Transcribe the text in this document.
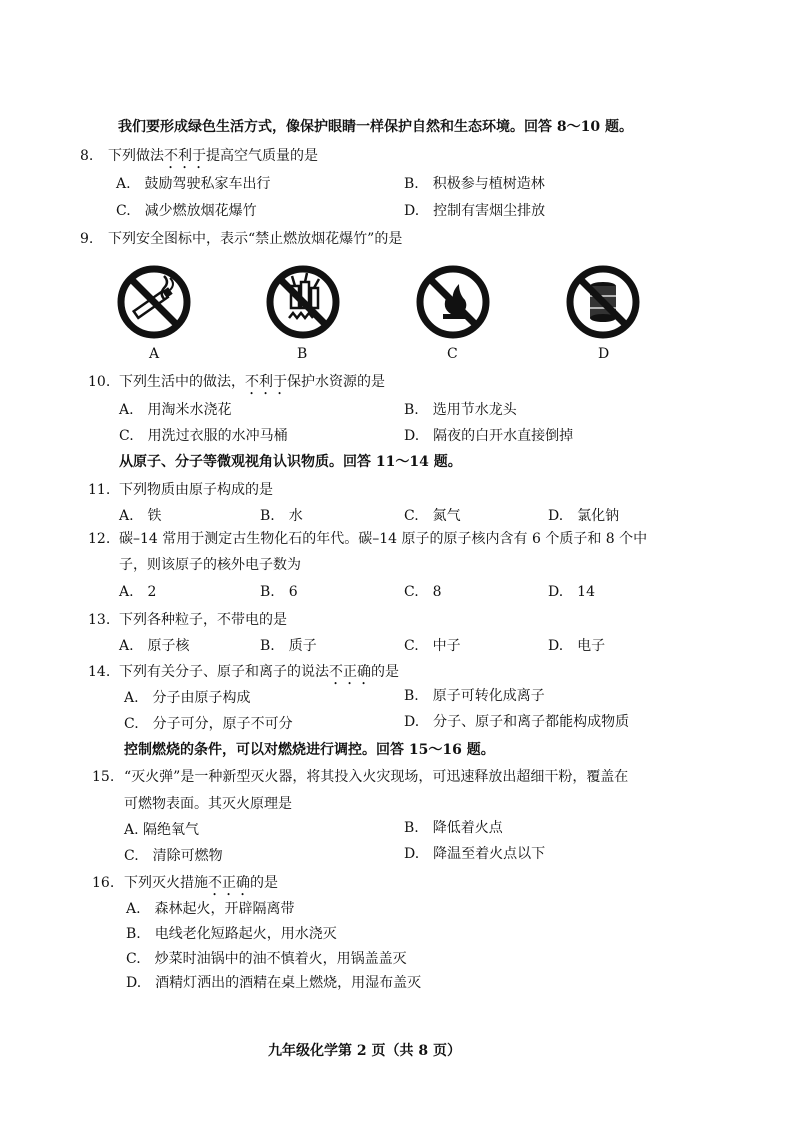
我们要形成绿色生活方式，像保护眼睛一样保护自然和生态环境。回答 8～10 题。
8. 下列做法不利于提高空气质量的是
A.　鼓励驾驶私家车出行	B.　积极参与植树造林
C.　减少燃放烟花爆竹	D.　控制有害烟尘排放
9. 下列安全图标中，表示“禁止燃放烟花爆竹”的是
A	B	C	D
10. 下列生活中的做法，不利于保护水资源的是
A.　用淘米水浇花	B.　选用节水龙头
C.　用洗过衣服的水冲马桶	D.　隔夜的白开水直接倒掉
从原子、分子等微观视角认识物质。回答 11～14 题。
11. 下列物质由原子构成的是
A.　铁	B.　水	C.　氮气	D.　氯化钠
12. 碳–14 常用于测定古生物化石的年代。碳–14 原子的原子核内含有 6 个质子和 8 个中
子，则该原子的核外电子数为
A.　2	B.　6	C.　8	D.　14
13. 下列各种粒子，不带电的是
A.　原子核	B.　质子	C.　中子	D.　电子
14. 下列有关分子、原子和离子的说法不正确的是
A.　分子由原子构成	B.　原子可转化成离子
C.　分子可分，原子不可分	D.　分子、原子和离子都能构成物质
控制燃烧的条件，可以对燃烧进行调控。回答 15～16 题。
15. “灭火弹”是一种新型灭火器，将其投入火灾现场，可迅速释放出超细干粉，覆盖在
可燃物表面。其灭火原理是
A. 隔绝氧气	B.　降低着火点
C.　清除可燃物	D.　降温至着火点以下
16. 下列灭火措施不正确的是
A.　森林起火，开辟隔离带
B.　电线老化短路起火，用水浇灭
C.　炒菜时油锅中的油不慎着火，用锅盖盖灭
D.　酒精灯洒出的酒精在桌上燃烧，用湿布盖灭
九年级化学第 2 页（共 8 页）
